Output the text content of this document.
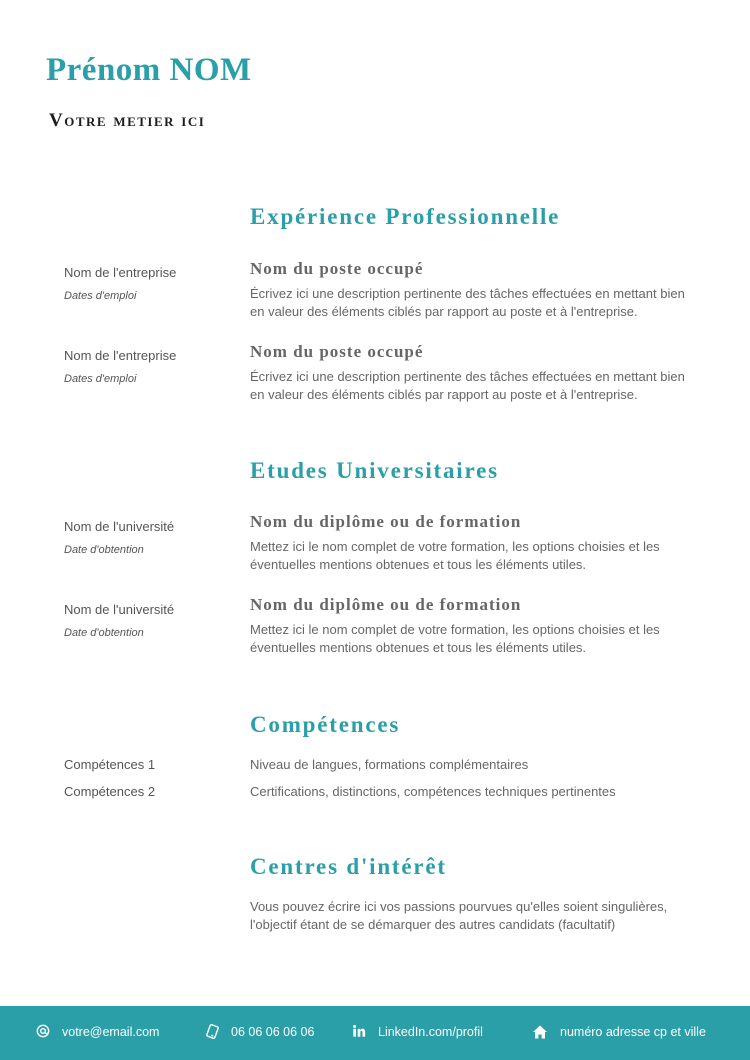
Prénom NOM
Votre metier ici
Expérience Professionnelle
Nom de l'entreprise
Dates d'emploi
Nom du poste occupé

Écrivez ici une description pertinente des tâches effectuées en mettant bien en valeur des éléments ciblés par rapport au poste et à l'entreprise.

Nom de l'entreprise
Dates d'emploi
Nom du poste occupé

Écrivez ici une description pertinente des tâches effectuées en mettant bien en valeur des éléments ciblés par rapport au poste et à l'entreprise.

Etudes Universitaires
Nom de l'université
Date d'obtention
Nom du diplôme ou de formation

Mettez ici le nom complet de votre formation, les options choisies et les éventuelles mentions obtenues et tous les éléments utiles.

Nom de l'université
Date d'obtention
Nom du diplôme ou de formation

Mettez ici le nom complet de votre formation, les options choisies et les éventuelles mentions obtenues et tous les éléments utiles.

Compétences
Compétences 1	Niveau de langues, formations complémentaires
Compétences 2	Certifications, distinctions, compétences techniques pertinentes
Centres d'intérêt

Vous pouvez écrire ici vos passions pourvues qu'elles soient singulières, l'objectif étant de se démarquer des autres candidats (facultatif)

votre@email.com	06 06 06 06 06	LinkedIn.com/profil	numéro adresse cp et ville
